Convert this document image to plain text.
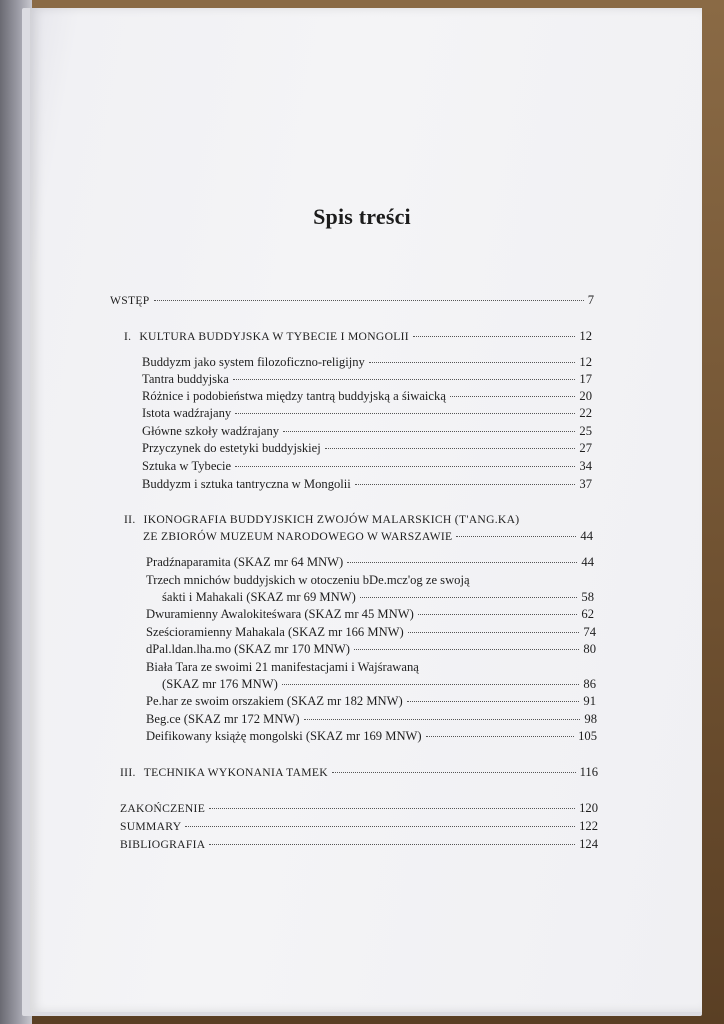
Spis treści
WSTĘP	7
I. KULTURA BUDDYJSKA W TYBECIE I MONGOLII	12
Buddyzm jako system filozoficzno-religijny	12
Tantra buddyjska	17
Różnice i podobieństwa między tantrą buddyjską a śiwaicką	20
Istota wadźrajany	22
Główne szkoły wadźrajany	25
Przyczynek do estetyki buddyjskiej	27
Sztuka w Tybecie	34
Buddyzm i sztuka tantryczna w Mongolii	37
II. IKONOGRAFIA BUDDYJSKICH ZWOJÓW MALARSKICH (T'ANG.KA)
ZE ZBIORÓW MUZEUM NARODOWEGO W WARSZAWIE	44
Pradźnaparamita (SKAZ mr 64 MNW)	44
Trzech mnichów buddyjskich w otoczeniu bDe.mcz'og ze swoją
śakti i Mahakali (SKAZ mr 69 MNW)	58
Dwuramienny Awalokiteśwara (SKAZ mr 45 MNW)	62
Sześcioramienny Mahakala (SKAZ mr 166 MNW)	74
dPal.ldan.lha.mo (SKAZ mr 170 MNW)	80
Biała Tara ze swoimi 21 manifestacjami i Wajśrawaną
(SKAZ mr 176 MNW)	86
Pe.har ze swoim orszakiem (SKAZ mr 182 MNW)	91
Beg.ce (SKAZ mr 172 MNW)	98
Deifikowany książę mongolski (SKAZ mr 169 MNW)	105
III. TECHNIKA WYKONANIA TAMEK	116
ZAKOŃCZENIE	120
SUMMARY	122
BIBLIOGRAFIA	124
